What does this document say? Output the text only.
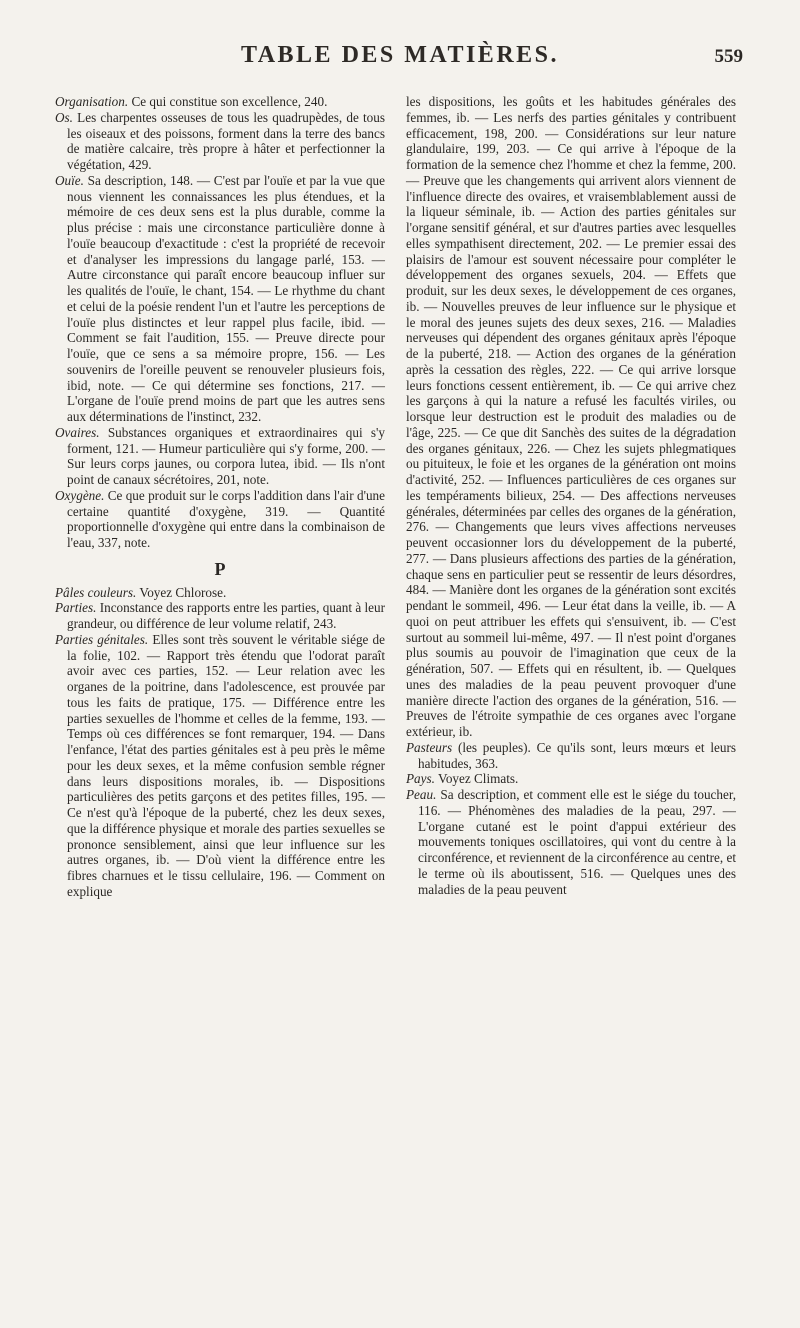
TABLE DES MATIÈRES.	559

Organisation. Ce qui constitue son excellence, 240.

Os. Les charpentes osseuses de tous les quadrupèdes, de tous les oiseaux et des poissons, forment dans la terre des bancs de matière calcaire, très propre à hâter et perfectionner la végétation, 429.

Ouïe. Sa description, 148. — C'est par l'ouïe et par la vue que nous viennent les connaissances les plus étendues, et la mémoire de ces deux sens est la plus durable, comme la plus précise : mais une circonstance particulière donne à l'ouïe beaucoup d'exactitude : c'est la propriété de recevoir et d'analyser les impressions du langage parlé, 153. — Autre circonstance qui paraît encore beaucoup influer sur les qualités de l'ouïe, le chant, 154. — Le rhythme du chant et celui de la poésie rendent l'un et l'autre les perceptions de l'ouïe plus distinctes et leur rappel plus facile, ibid. — Comment se fait l'audition, 155. — Preuve directe pour l'ouïe, que ce sens a sa mémoire propre, 156. — Les souvenirs de l'oreille peuvent se renouveler plusieurs fois, ibid, note. — Ce qui détermine ses fonctions, 217. — L'organe de l'ouïe prend moins de part que les autres sens aux déterminations de l'instinct, 232.

Ovaires. Substances organiques et extraordinaires qui s'y forment, 121. — Humeur particulière qui s'y forme, 200. — Sur leurs corps jaunes, ou corpora lutea, ibid. — Ils n'ont point de canaux sécrétoires, 201, note.

Oxygène. Ce que produit sur le corps l'addition dans l'air d'une certaine quantité d'oxygène, 319. — Quantité proportionnelle d'oxygène qui entre dans la combinaison de l'eau, 337, note.

P

Pâles couleurs. Voyez Chlorose.

Parties. Inconstance des rapports entre les parties, quant à leur grandeur, ou différence de leur volume relatif, 243.

Parties génitales. Elles sont très souvent le véritable siége de la folie, 102. — Rapport très étendu que l'odorat paraît avoir avec ces parties, 152. — Leur relation avec les organes de la poitrine, dans l'adolescence, est prouvée par tous les faits de pratique, 175. — Différence entre les parties sexuelles de l'homme et celles de la femme, 193. — Temps où ces différences se font remarquer, 194. — Dans l'enfance, l'état des parties génitales est à peu près le même pour les deux sexes, et la même confusion semble régner dans leurs dispositions morales, ib. — Dispositions particulières des petits garçons et des petites filles, 195. — Ce n'est qu'à l'époque de la puberté, chez les deux sexes, que la différence physique et morale des parties sexuelles se prononce sensiblement, ainsi que leur influence sur les autres organes, ib. — D'où vient la différence entre les fibres charnues et le tissu cellulaire, 196. — Comment on explique

les dispositions, les goûts et les habitudes générales des femmes, ib. — Les nerfs des parties génitales y contribuent efficacement, 198, 200. — Considérations sur leur nature glandulaire, 199, 203. — Ce qui arrive à l'époque de la formation de la semence chez l'homme et chez la femme, 200. — Preuve que les changements qui arrivent alors viennent de l'influence directe des ovaires, et vraisemblablement aussi de la liqueur séminale, ib. — Action des parties génitales sur l'organe sensitif général, et sur d'autres parties avec lesquelles elles sympathisent directement, 202. — Le premier essai des plaisirs de l'amour est souvent nécessaire pour compléter le développement des organes sexuels, 204. — Effets que produit, sur les deux sexes, le développement de ces organes, ib. — Nouvelles preuves de leur influence sur le physique et le moral des jeunes sujets des deux sexes, 216. — Maladies nerveuses qui dépendent des organes génitaux après l'époque de la puberté, 218. — Action des organes de la génération après la cessation des règles, 222. — Ce qui arrive lorsque leurs fonctions cessent entièrement, ib. — Ce qui arrive chez les garçons à qui la nature a refusé les facultés viriles, ou lorsque leur destruction est le produit des maladies ou de l'âge, 225. — Ce que dit Sanchès des suites de la dégradation des organes génitaux, 226. — Chez les sujets phlegmatiques ou pituiteux, le foie et les organes de la génération ont moins d'activité, 252. — Influences particulières de ces organes sur les tempéraments bilieux, 254. — Des affections nerveuses générales, déterminées par celles des organes de la génération, 276. — Changements que leurs vives affections nerveuses peuvent occasionner lors du développement de la puberté, 277. — Dans plusieurs affections des parties de la génération, chaque sens en particulier peut se ressentir de leurs désordres, 484. — Manière dont les organes de la génération sont excités pendant le sommeil, 496. — Leur état dans la veille, ib. — A quoi on peut attribuer les effets qui s'ensuivent, ib. — C'est surtout au sommeil lui-même, 497. — Il n'est point d'organes plus soumis au pouvoir de l'imagination que ceux de la génération, 507. — Effets qui en résultent, ib. — Quelques unes des maladies de la peau peuvent provoquer d'une manière directe l'action des organes de la génération, 516. — Preuves de l'étroite sympathie de ces organes avec l'organe extérieur, ib.

Pasteurs (les peuples). Ce qu'ils sont, leurs mœurs et leurs habitudes, 363.

Pays. Voyez Climats.

Peau. Sa description, et comment elle est le siége du toucher, 116. — Phénomènes des maladies de la peau, 297. — L'organe cutané est le point d'appui extérieur des mouvements toniques oscillatoires, qui vont du centre à la circonférence, et reviennent de la circonférence au centre, et le terme où ils aboutissent, 516. — Quelques unes des maladies de la peau peuvent
